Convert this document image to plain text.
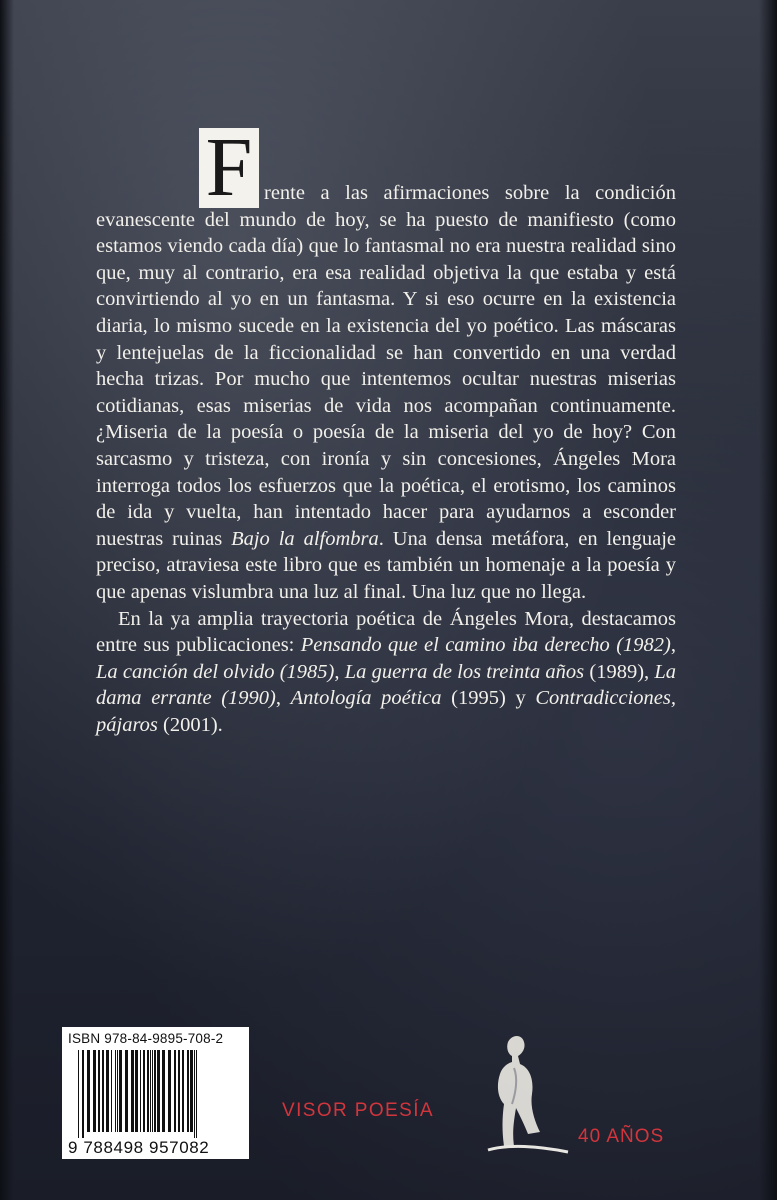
F rente a las afirmaciones sobre la condición evanescente del mundo de hoy, se ha puesto de manifiesto (como estamos viendo cada día) que lo fantasmal no era nuestra realidad sino que, muy al contrario, era esa realidad objetiva la que estaba y está convirtiendo al yo en un fantasma. Y si eso ocurre en la existencia diaria, lo mismo sucede en la existencia del yo poético. Las máscaras y lentejuelas de la ficcionalidad se han convertido en una verdad hecha trizas. Por mucho que intentemos ocultar nuestras miserias cotidianas, esas miserias de vida nos acompañan continuamente. ¿Miseria de la poesía o poesía de la miseria del yo de hoy? Con sarcasmo y tristeza, con ironía y sin concesiones, Ángeles Mora interroga todos los esfuerzos que la poética, el erotismo, los caminos de ida y vuelta, han intentado hacer para ayudarnos a esconder nuestras ruinas Bajo la alfombra. Una densa metáfora, en lenguaje preciso, atraviesa este libro que es también un homenaje a la poesía y que apenas vislumbra una luz al final. Una luz que no llega.

En la ya amplia trayectoria poética de Ángeles Mora, destacamos entre sus publicaciones: Pensando que el camino iba derecho (1982), La canción del olvido (1985), La guerra de los treinta años (1989), La dama errante (1990), Antología poética (1995) y Contradicciones, pájaros (2001).

ISBN 978-84-9895-708-2
9 788498 957082
VISOR POESÍA
40 AÑOS
